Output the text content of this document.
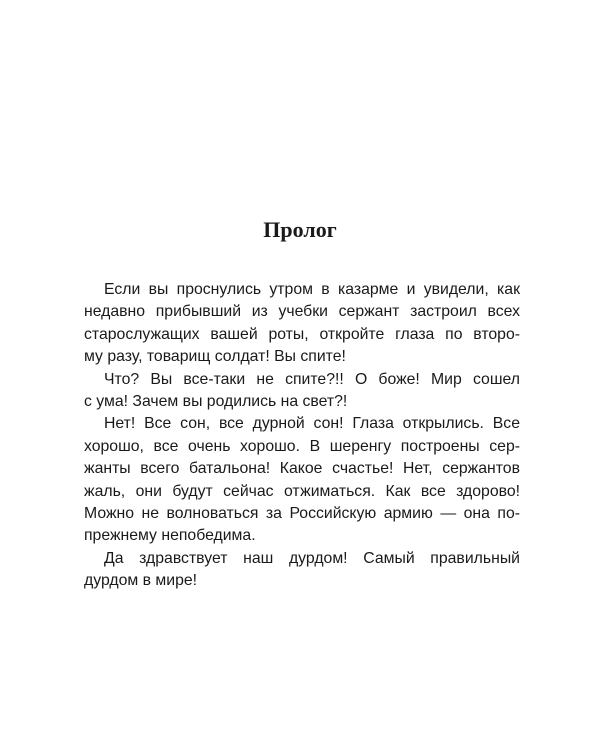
Пролог
Если вы проснулись утром в казарме и увидели, как
недавно прибывший из учебки сержант застроил всех
старослужащих вашей роты, откройте глаза по второ-
му разу, товарищ солдат! Вы спите!
Что? Вы все-таки не спите?!! О боже! Мир сошел
с ума! Зачем вы родились на свет?!
Нет! Все сон, все дурной сон! Глаза открылись. Все
хорошо, все очень хорошо. В шеренгу построены сер-
жанты всего батальона! Какое счастье! Нет, сержантов
жаль, они будут сейчас отжиматься. Как все здорово!
Можно не волноваться за Российскую армию — она по-
прежнему непобедима.
Да здравствует наш дурдом! Самый правильный
дурдом в мире!
